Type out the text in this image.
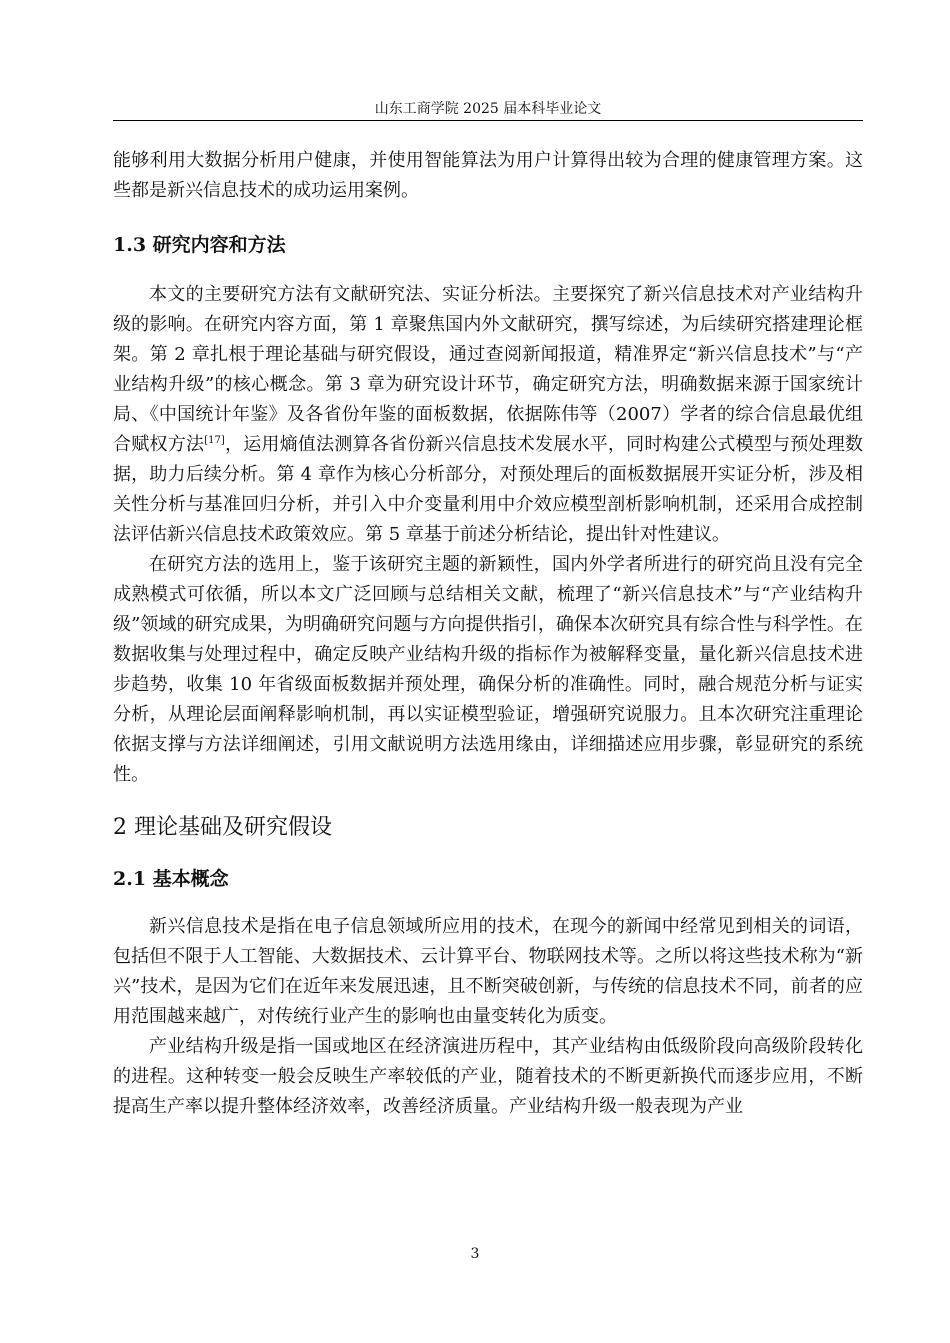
山东工商学院 2025 届本科毕业论文

能够利用大数据分析用户健康，并使用智能算法为用户计算得出较为合理的健康管理方案。这些都是新兴信息技术的成功运用案例。

1.3 研究内容和方法

本文的主要研究方法有文献研究法、实证分析法。主要探究了新兴信息技术对产业结构升级的影响。在研究内容方面，第 1 章聚焦国内外文献研究，撰写综述，为后续研究搭建理论框架。第 2 章扎根于理论基础与研究假设，通过查阅新闻报道，精准界定“新兴信息技术”与“产业结构升级”的核心概念。第 3 章为研究设计环节，确定研究方法，明确数据来源于国家统计局、《中国统计年鉴》及各省份年鉴的面板数据，依据陈伟等（2007）学者的综合信息最优组合赋权方法[17]，运用熵值法测算各省份新兴信息技术发展水平，同时构建公式模型与预处理数据，助力后续分析。第 4 章作为核心分析部分，对预处理后的面板数据展开实证分析，涉及相关性分析与基准回归分析，并引入中介变量利用中介效应模型剖析影响机制，还采用合成控制法评估新兴信息技术政策效应。第 5 章基于前述分析结论，提出针对性建议。

在研究方法的选用上，鉴于该研究主题的新颖性，国内外学者所进行的研究尚且没有完全成熟模式可依循，所以本文广泛回顾与总结相关文献，梳理了“新兴信息技术”与“产业结构升级”领域的研究成果，为明确研究问题与方向提供指引，确保本次研究具有综合性与科学性。在数据收集与处理过程中，确定反映产业结构升级的指标作为被解释变量，量化新兴信息技术进步趋势，收集 10 年省级面板数据并预处理，确保分析的准确性。同时，融合规范分析与证实分析，从理论层面阐释影响机制，再以实证模型验证，增强研究说服力。且本次研究注重理论依据支撑与方法详细阐述，引用文献说明方法选用缘由，详细描述应用步骤，彰显研究的系统性。

2 理论基础及研究假设
2.1 基本概念

新兴信息技术是指在电子信息领域所应用的技术，在现今的新闻中经常见到相关的词语，包括但不限于人工智能、大数据技术、云计算平台、物联网技术等。之所以将这些技术称为“新兴”技术，是因为它们在近年来发展迅速，且不断突破创新，与传统的信息技术不同，前者的应用范围越来越广，对传统行业产生的影响也由量变转化为质变。

产业结构升级是指一国或地区在经济演进历程中，其产业结构由低级阶段向高级阶段转化的进程。这种转变一般会反映生产率较低的产业，随着技术的不断更新换代而逐步应用，不断提高生产率以提升整体经济效率，改善经济质量。产业结构升级一般表现为产业

3
